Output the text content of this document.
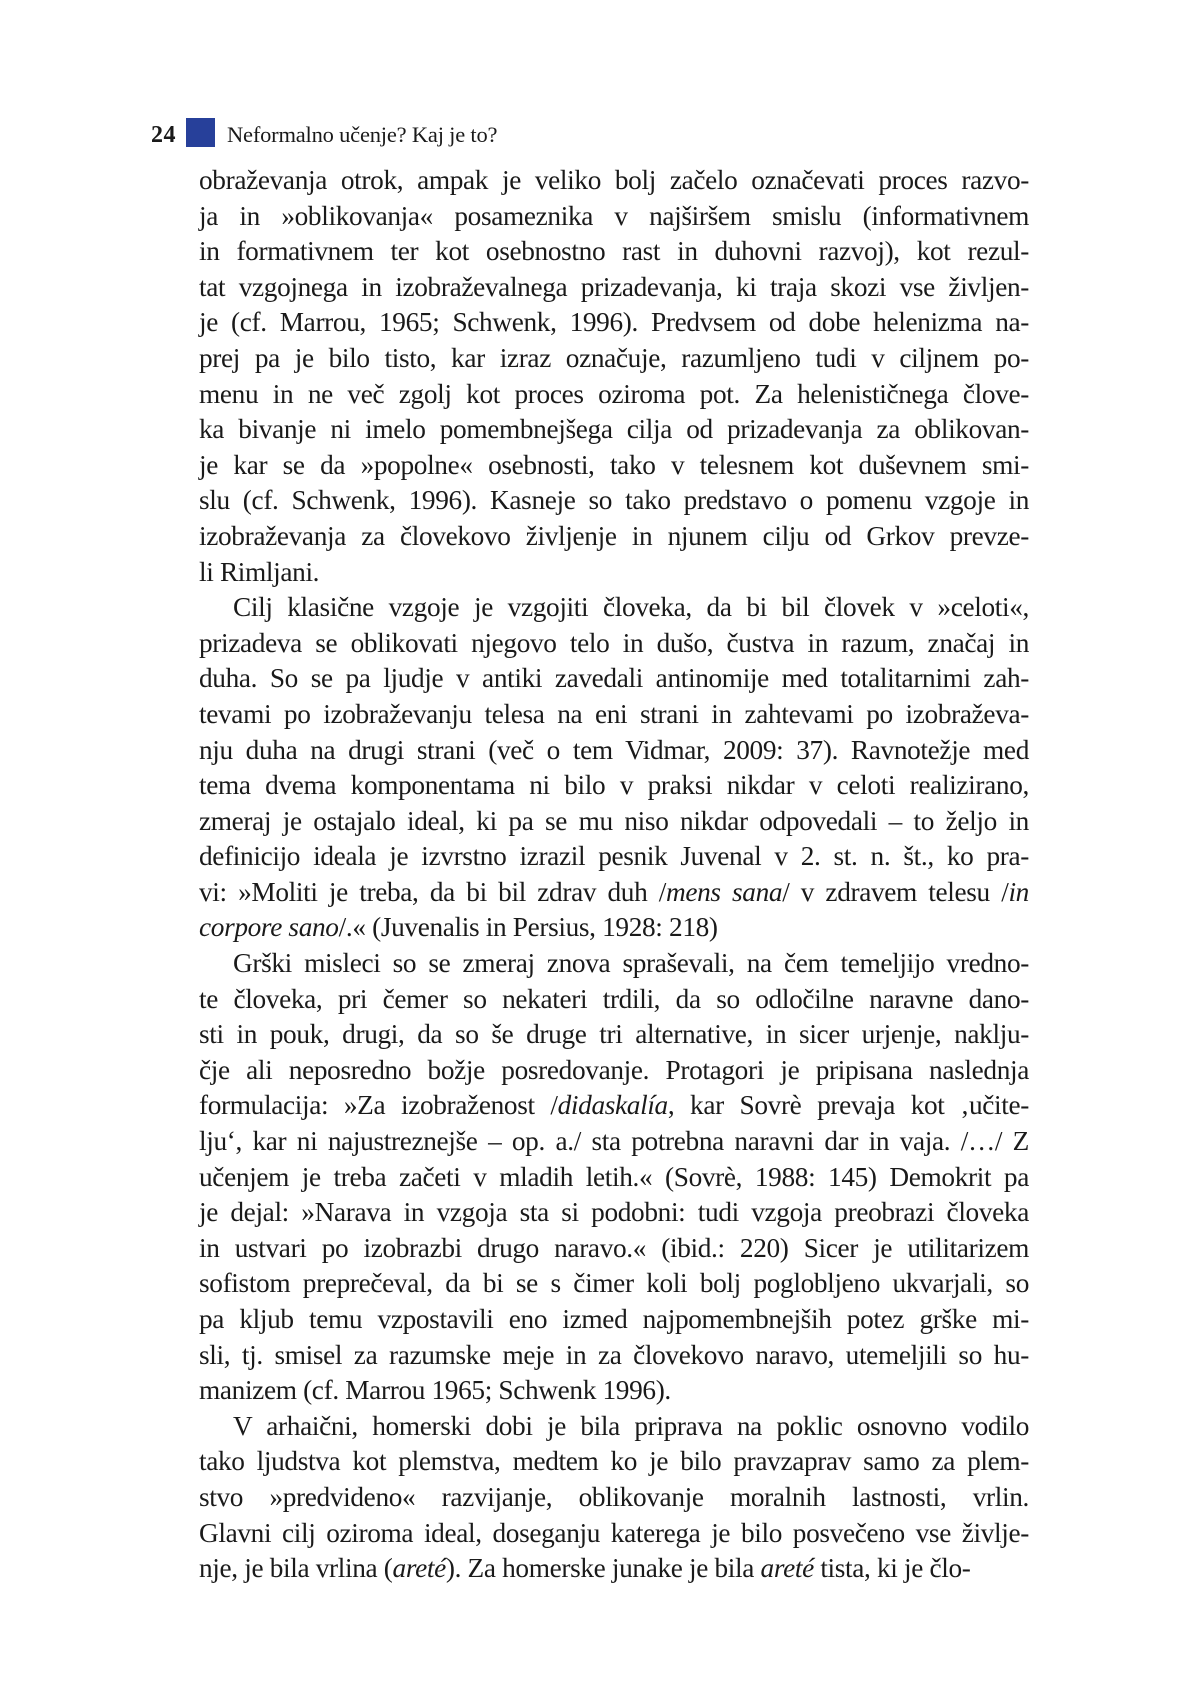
24 Neformalno učenje? Kaj je to?
obraževanja otrok, ampak je veliko bolj začelo označevati proces razvo-
ja in »oblikovanja« posameznika v najširšem smislu (informativnem
in formativnem ter kot osebnostno rast in duhovni razvoj), kot rezul-
tat vzgojnega in izobraževalnega prizadevanja, ki traja skozi vse življen-
je (cf. Marrou, 1965; Schwenk, 1996). Predvsem od dobe helenizma na-
prej pa je bilo tisto, kar izraz označuje, razumljeno tudi v ciljnem po-
menu in ne več zgolj kot proces oziroma pot. Za helenističnega člove-
ka bivanje ni imelo pomembnejšega cilja od prizadevanja za oblikovan-
je kar se da »popolne« osebnosti, tako v telesnem kot duševnem smi-
slu (cf. Schwenk, 1996). Kasneje so tako predstavo o pomenu vzgoje in
izobraževanja za človekovo življenje in njunem cilju od Grkov prevze-
li Rimljani.
Cilj klasične vzgoje je vzgojiti človeka, da bi bil človek v »celoti«,
prizadeva se oblikovati njegovo telo in dušo, čustva in razum, značaj in
duha. So se pa ljudje v antiki zavedali antinomije med totalitarnimi zah-
tevami po izobraževanju telesa na eni strani in zahtevami po izobraževa-
nju duha na drugi strani (več o tem Vidmar, 2009: 37). Ravnotežje med
tema dvema komponentama ni bilo v praksi nikdar v celoti realizirano,
zmeraj je ostajalo ideal, ki pa se mu niso nikdar odpovedali – to željo in
definicijo ideala je izvrstno izrazil pesnik Juvenal v 2. st. n. št., ko pra-
vi: »Moliti je treba, da bi bil zdrav duh /mens sana/ v zdravem telesu /in
corpore sano/.« (Juvenalis in Persius, 1928: 218)
Grški misleci so se zmeraj znova spraševali, na čem temeljijo vredno-
te človeka, pri čemer so nekateri trdili, da so odločilne naravne dano-
sti in pouk, drugi, da so še druge tri alternative, in sicer urjenje, naklju-
čje ali neposredno božje posredovanje. Protagori je pripisana naslednja
formulacija: »Za izobraženost /didaskalía, kar Sovrè prevaja kot ‚učite-
lju‘, kar ni najustreznejše – op. a./ sta potrebna naravni dar in vaja. /…/ Z
učenjem je treba začeti v mladih letih.« (Sovrè, 1988: 145) Demokrit pa
je dejal: »Narava in vzgoja sta si podobni: tudi vzgoja preobrazi človeka
in ustvari po izobrazbi drugo naravo.« (ibid.: 220) Sicer je utilitarizem
sofistom preprečeval, da bi se s čimer koli bolj poglobljeno ukvarjali, so
pa kljub temu vzpostavili eno izmed najpomembnejših potez grške mi-
sli, tj. smisel za razumske meje in za človekovo naravo, utemeljili so hu-
manizem (cf. Marrou 1965; Schwenk 1996).
V arhaični, homerski dobi je bila priprava na poklic osnovno vodilo
tako ljudstva kot plemstva, medtem ko je bilo pravzaprav samo za plem-
stvo »predvideno« razvijanje, oblikovanje moralnih lastnosti, vrlin.
Glavni cilj oziroma ideal, doseganju katerega je bilo posvečeno vse življe-
nje, je bila vrlina (areté). Za homerske junake je bila areté tista, ki je člo-
